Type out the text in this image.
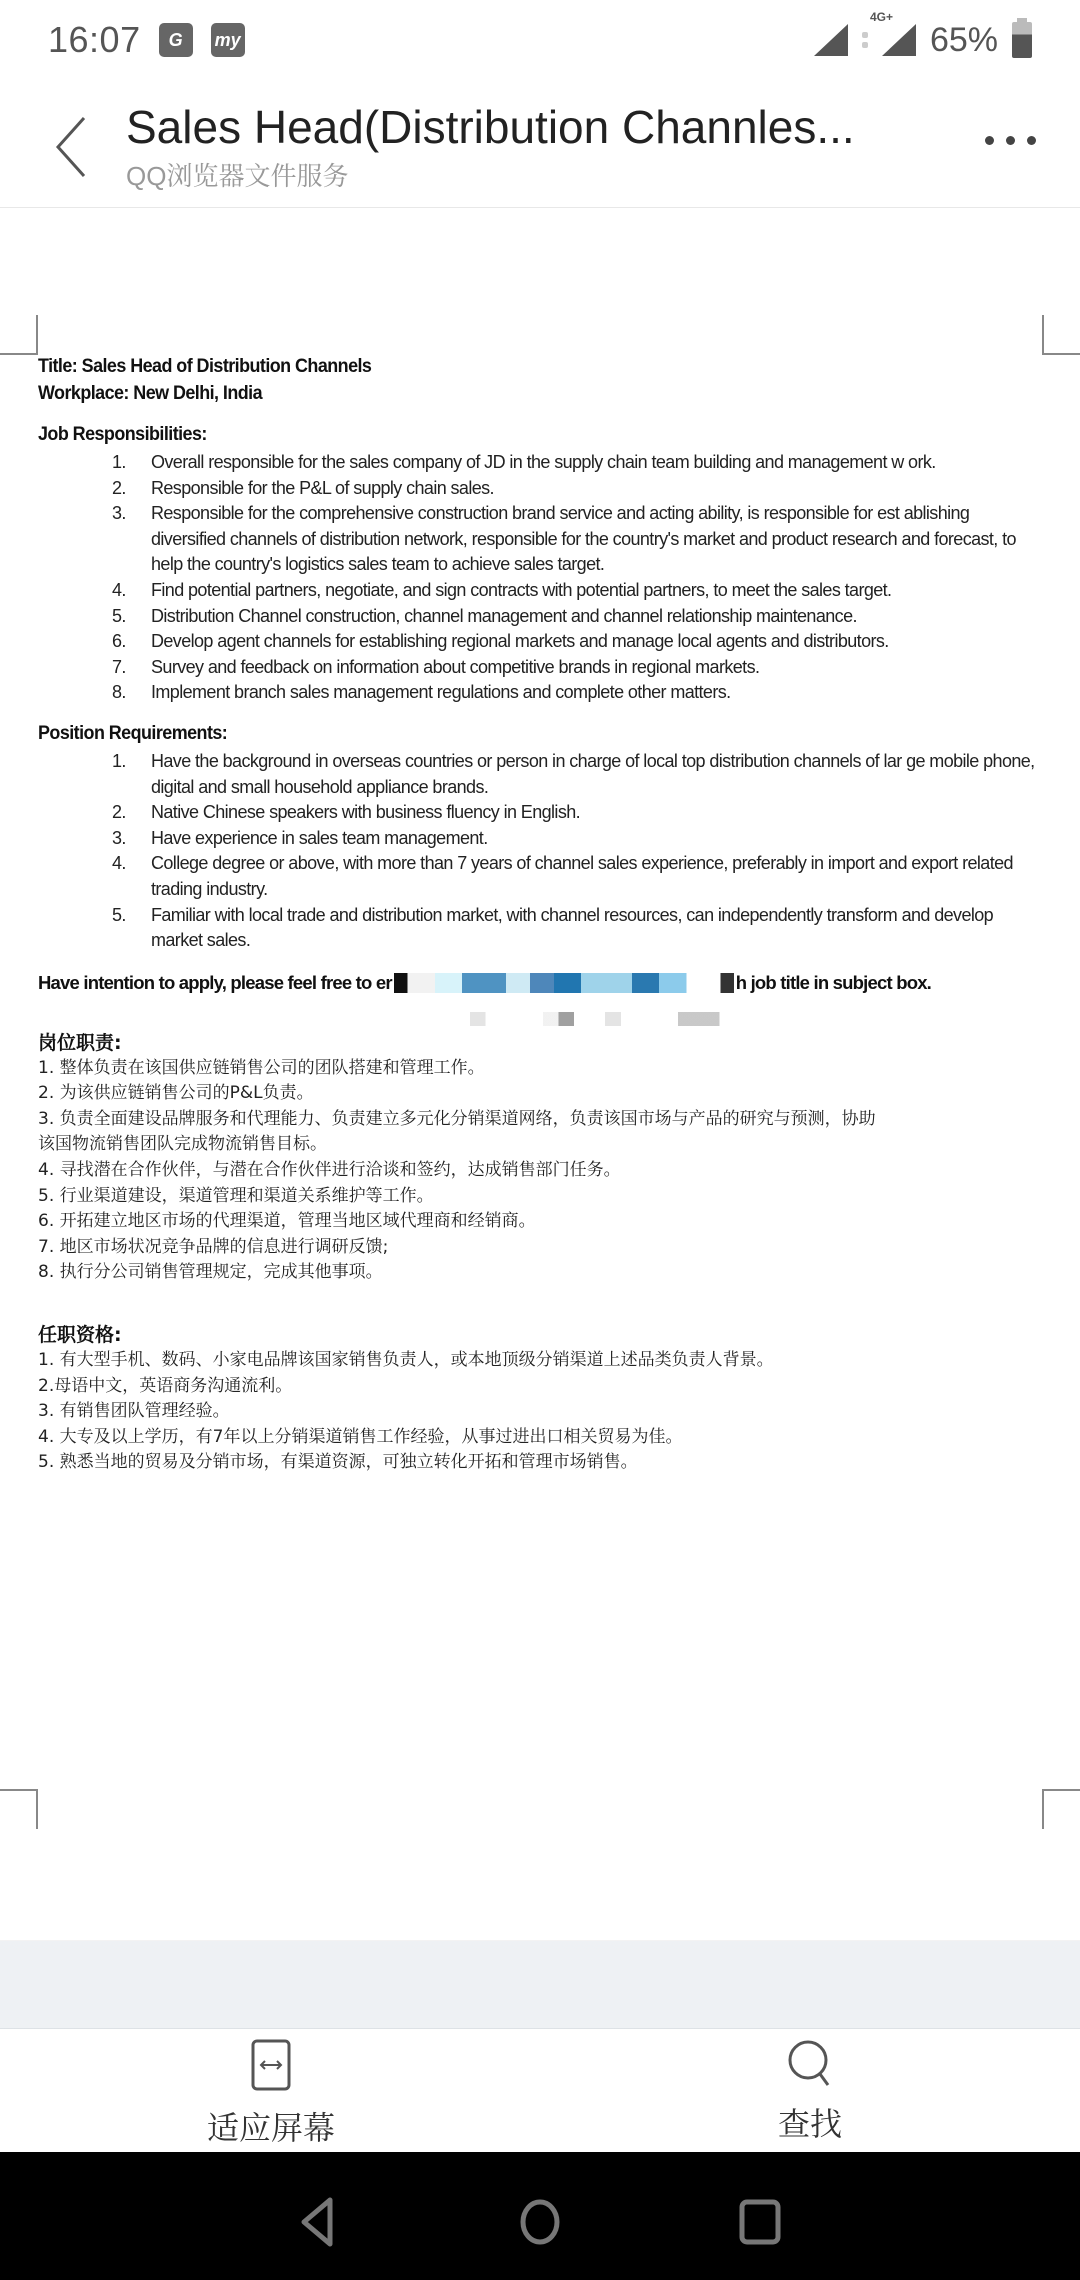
16:07	G	my
4G+
65%
Sales Head(Distribution Channles...
QQ浏览器文件服务
Title: Sales Head of Distribution Channels
Workplace: New Delhi, India
Job Responsibilities:
1.	Overall responsible for the sales company of JD in the supply chain team building and management w ork.
2.	Responsible for the P&L of supply chain sales.
3.	Responsible for the comprehensive construction brand service and acting ability, is responsible for est ablishing diversified channels of distribution network, responsible for the country's market and product research and forecast, to help the country's logistics sales team to achieve sales target.
4.	Find potential partners, negotiate, and sign contracts with potential partners, to meet the sales target.
5.	Distribution Channel construction, channel management and channel relationship maintenance.
6.	Develop agent channels for establishing regional markets and manage local agents and distributors.
7.	Survey and feedback on information about competitive brands in regional markets.
8.	Implement branch sales management regulations and complete other matters.
Position Requirements:
1.	Have the background in overseas countries or person in charge of local top distribution channels of lar ge mobile phone, digital and small household appliance brands.
2.	Native Chinese speakers with business fluency in English.
3.	Have experience in sales team management.
4.	College degree or above, with more than 7 years of channel sales experience, preferably in import and export related trading industry.
5.	Familiar with local trade and distribution market, with channel resources, can independently transform and develop market sales.
Have intention to apply, please feel free to er	h job title in subject box.
岗位职责:
1. 整体负责在该国供应链销售公司的团队搭建和管理工作。
2. 为该供应链销售公司的P&L负责。
3. 负责全面建设品牌服务和代理能力、负责建立多元化分销渠道网络，负责该国市场与产品的研究与预测，协助
该国物流销售团队完成物流销售目标。
4. 寻找潜在合作伙伴，与潜在合作伙伴进行洽谈和签约，达成销售部门任务。
5. 行业渠道建设，渠道管理和渠道关系维护等工作。
6. 开拓建立地区市场的代理渠道，管理当地区域代理商和经销商。
7. 地区市场状况竞争品牌的信息进行调研反馈;
8. 执行分公司销售管理规定，完成其他事项。
任职资格:
1. 有大型手机、数码、小家电品牌该国家销售负责人，或本地顶级分销渠道上述品类负责人背景。
2.母语中文，英语商务沟通流利。
3. 有销售团队管理经验。
4. 大专及以上学历，有7年以上分销渠道销售工作经验，从事过进出口相关贸易为佳。
5. 熟悉当地的贸易及分销市场，有渠道资源，可独立转化开拓和管理市场销售。
适应屏幕	查找
